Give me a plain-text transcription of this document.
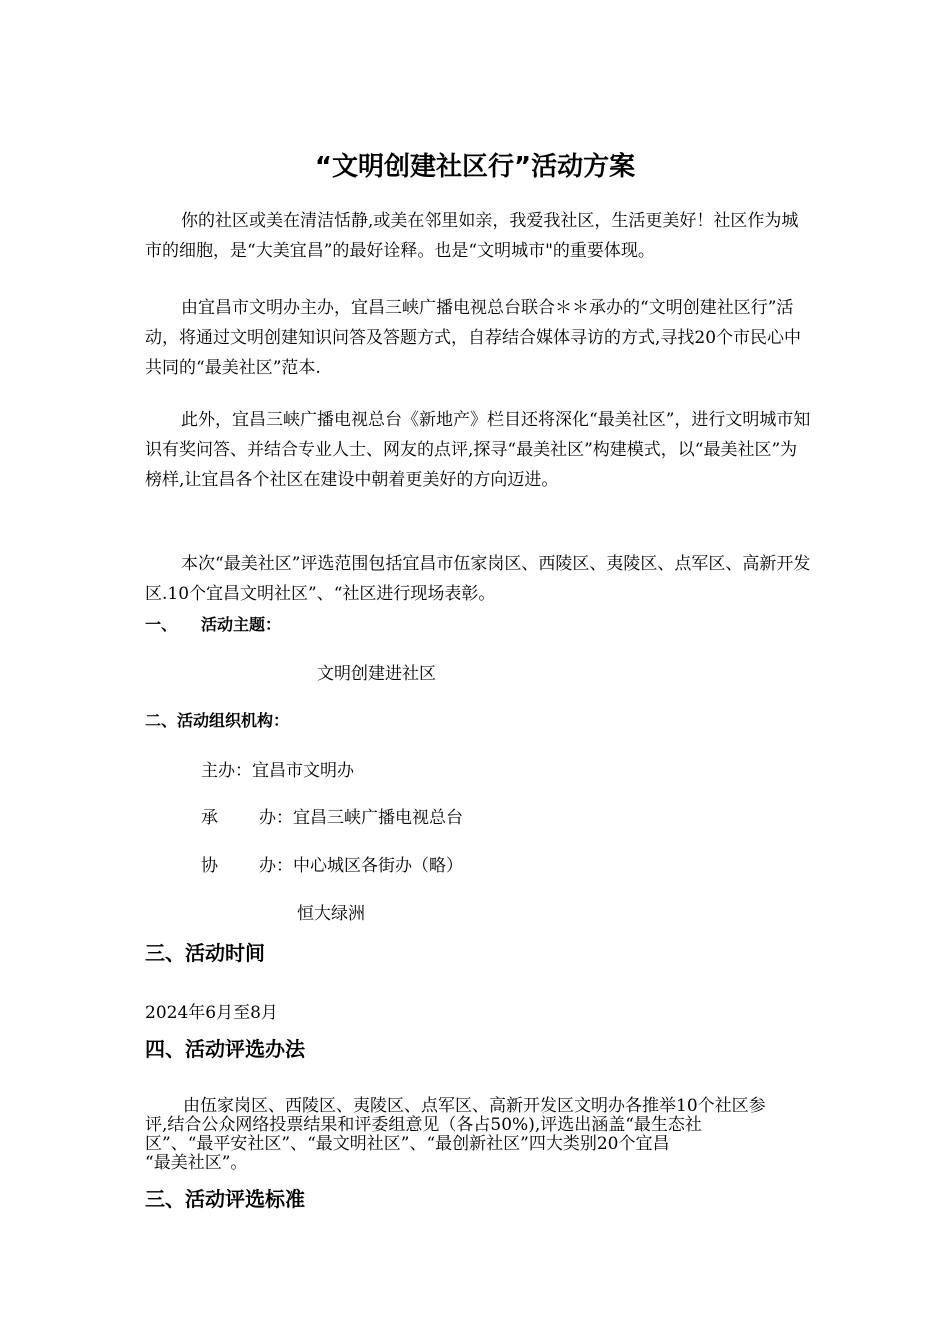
“文明创建社区行”活动方案

你的社区或美在清洁恬静,或美在邻里如亲，我爱我社区，生活更美好！社区作为城市的细胞，是“大美宜昌”的最好诠释。也是“文明城市"的重要体现。

由宜昌市文明办主办，宜昌三峡广播电视总台联合＊＊承办的“文明创建社区行”活动，将通过文明创建知识问答及答题方式，自荐结合媒体寻访的方式,寻找20个市民心中共同的“最美社区”范本.

此外，宜昌三峡广播电视总台《新地产》栏目还将深化“最美社区”，进行文明城市知识有奖问答、并结合专业人士、网友的点评,探寻“最美社区”构建模式，以“最美社区”为榜样,让宜昌各个社区在建设中朝着更美好的方向迈进。

本次“最美社区”评选范围包括宜昌市伍家岗区、西陵区、夷陵区、点军区、高新开发区.10个宜昌文明社区”、“社区进行现场表彰。

一、 活动主题：
文明创建进社区
二、活动组织机构：
主办：宜昌市文明办
承 办：宜昌三峡广播电视总台
协 办：中心城区各街办（略）
恒大绿洲
三、活动时间
2024年6月至8月
四、活动评选办法
由伍家岗区、西陵区、夷陵区、点军区、高新开发区文明办各推举10个社区参
评,结合公众网络投票结果和评委组意见（各占50%),评选出涵盖“最生态社
区”、“最平安社区”、“最文明社区”、“最创新社区”四大类别20个宜昌
“最美社区”。
三、活动评选标准
